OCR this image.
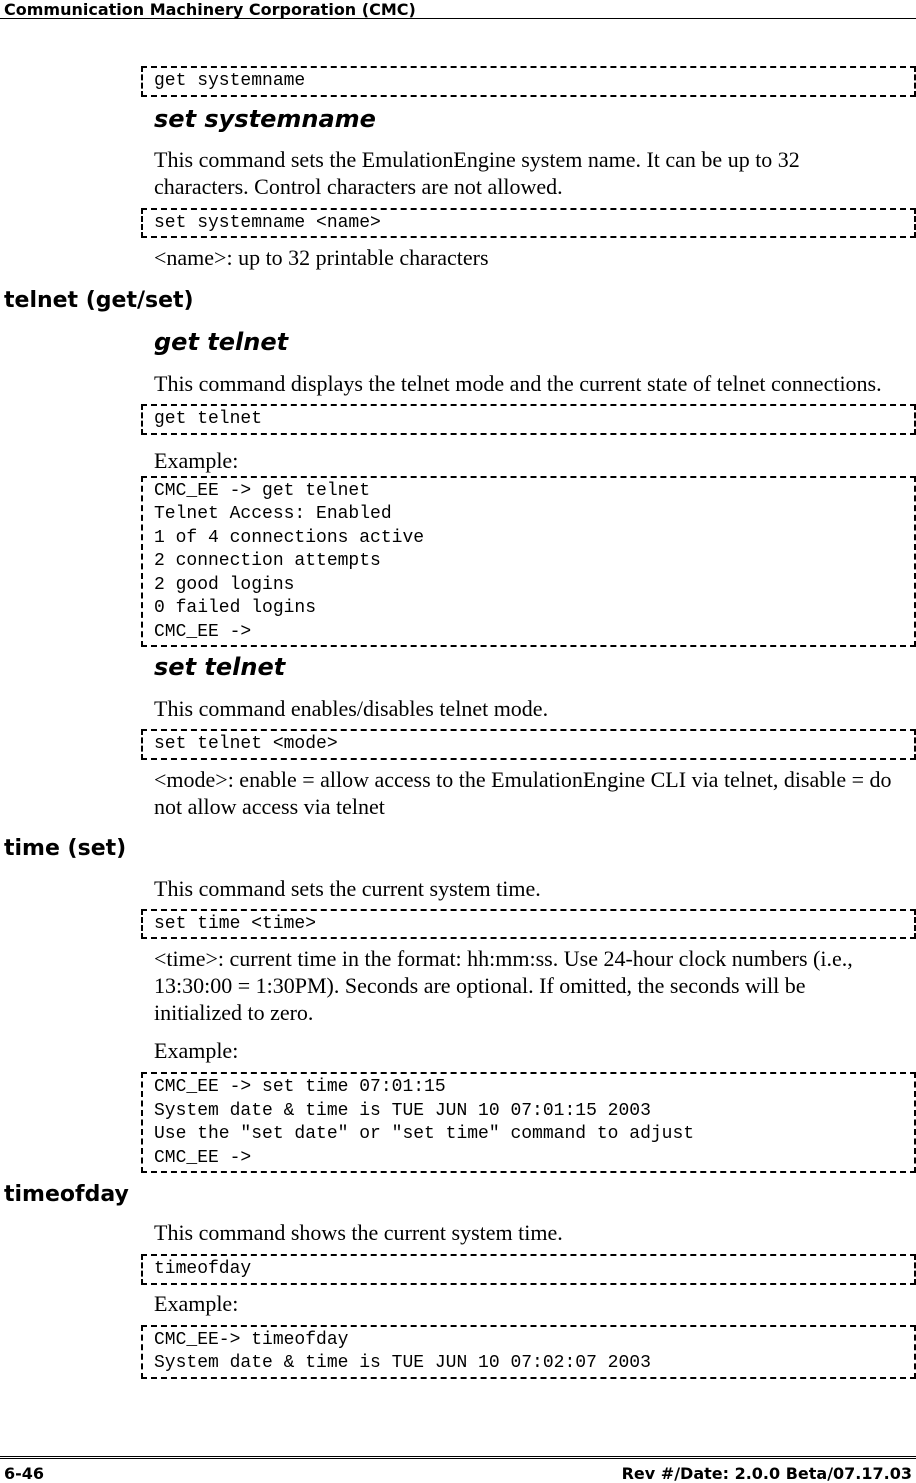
Communication Machinery Corporation (CMC)
get systemname
set systemname
This command sets the EmulationEngine system name. It can be up to 32 characters. Control characters are not allowed.
set systemname <name>
<name>: up to 32 printable characters
telnet (get/set)
get telnet
This command displays the telnet mode and the current state of telnet connections.
get telnet
Example:
CMC_EE -> get telnet
Telnet Access: Enabled
1 of 4 connections active
2 connection attempts
2 good logins
0 failed logins
CMC_EE ->
set telnet
This command enables/disables telnet mode.
set telnet <mode>
<mode>: enable = allow access to the EmulationEngine CLI via telnet, disable = do not allow access via telnet
time (set)
This command sets the current system time.
set time <time>
<time>: current time in the format: hh:mm:ss. Use 24-hour clock numbers (i.e., 13:30:00 = 1:30PM). Seconds are optional. If omitted, the seconds will be initialized to zero.
Example:
CMC_EE -> set time 07:01:15
System date & time is TUE JUN 10 07:01:15 2003
Use the "set date" or "set time" command to adjust
CMC_EE ->
timeofday
This command shows the current system time.
timeofday
Example:
CMC_EE-> timeofday
System date & time is TUE JUN 10 07:02:07 2003
6-46	Rev #/Date: 2.0.0 Beta/07.17.03
